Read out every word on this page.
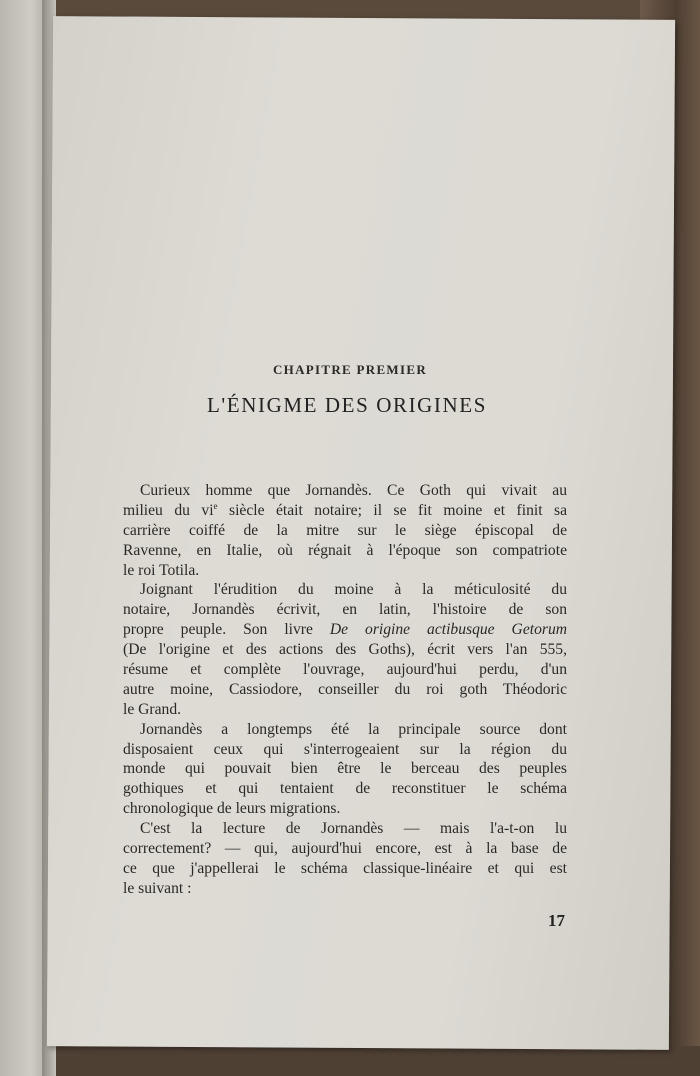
CHAPITRE PREMIER
L'ÉNIGME DES ORIGINES
Curieux homme que Jornandès. Ce Goth qui vivait au
milieu du $vi^e$ siècle était notaire; il se fit moine et finit sa
carrière coiffé de la mitre sur le siège épiscopal de
Ravenne, en Italie, où régnait à l'époque son compatriote
le roi Totila.
Joignant l'érudition du moine à la méticulosité du
notaire, Jornandès écrivit, en latin, l'histoire de son
propre peuple. Son livre De origine actibusque Getorum
(De l'origine et des actions des Goths), écrit vers l'an 555,
résume et complète l'ouvrage, aujourd'hui perdu, d'un
autre moine, Cassiodore, conseiller du roi goth Théodoric
le Grand.
Jornandès a longtemps été la principale source dont
disposaient ceux qui s'interrogeaient sur la région du
monde qui pouvait bien être le berceau des peuples
gothiques et qui tentaient de reconstituer le schéma
chronologique de leurs migrations.
C'est la lecture de Jornandès — mais l'a-t-on lu
correctement? — qui, aujourd'hui encore, est à la base de
ce que j'appellerai le schéma classique-linéaire et qui est
le suivant :
17
